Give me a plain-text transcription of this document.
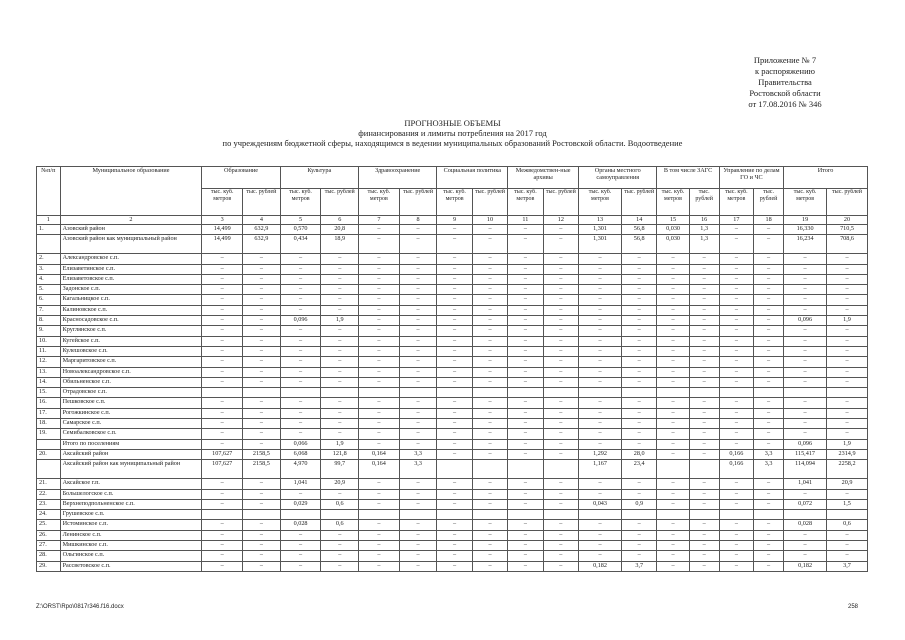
Приложение № 7
к распоряжению
Правительства
Ростовской области
от 17.08.2016 № 346
ПРОГНОЗНЫЕ ОБЪЕМЫ
финансирования и лимиты потребления на 2017 год
по учреждениям бюджетной сферы, находящимся в ведении муниципальных образований Ростовской области. Водоотведение
№п/п	Муниципальное образование	Образование		Культура		Здравоохранение		Социальная политика		Межведомствен-ные архивы		Органы местного самоуправления		В том числе ЗАГС		Управление по делам ГО и ЧС		Итого	
		тыс. куб. метров	тыс. рублей	тыс. куб. метров	тыс. рублей	тыс. куб. метров	тыс. рублей	тыс. куб. метров	тыс. рублей	тыс. куб. метров	тыс. рублей	тыс. куб. метров	тыс. рублей	тыс. куб. метров	тыс. рублей	тыс. куб. метров	тыс. рублей	тыс. куб. метров	тыс. рублей
1	2	3	4	5	6	7	8	9	10	11	12	13	14	15	16	17	18	19	20
1.	Азовский район	14,499	632,9	0,570	20,8	–	–	–	–	–	–	1,301	56,8	0,030	1,3	–	–	16,330	710,5
	Азовский район как муниципальный район	14,499	632,9	0,434	18,9	–	–	–	–	–	–	1,301	56,8	0,030	1,3	–	–	16,234	708,6
2.	Александровское с.п.	–	–	–	–	–	–	–	–	–	–	–	–	–	–	–	–	–	–
3.	Елизаветинское с.п.	–	–	–	–	–	–	–	–	–	–	–	–	–	–	–	–	–	–
4.	Елизаветовское с.п.	–	–	–	–	–	–	–	–	–	–	–	–	–	–	–	–	–	–
5.	Задонское с.п.	–	–	–	–	–	–	–	–	–	–	–	–	–	–	–	–	–	–
6.	Кагальницкое с.п.	–	–	–	–	–	–	–	–	–	–	–	–	–	–	–	–	–	–
7.	Калиновское с.п.	–	–	–	–	–	–	–	–	–	–	–	–	–	–	–	–	–	–
8.	Красносадовское с.п.	–	–	0,096	1,9	–	–	–	–	–	–	–	–	–	–	–	–	0,096	1,9
9.	Круглянское с.п.	–	–	–	–	–	–	–	–	–	–	–	–	–	–	–	–	–	–
10.	Кугейское с.п.	–	–	–	–	–	–	–	–	–	–	–	–	–	–	–	–	–	–
11.	Кулешовское с.п.	–	–	–	–	–	–	–	–	–	–	–	–	–	–	–	–	–	–
12.	Маргаритовское с.п.	–	–	–	–	–	–	–	–	–	–	–	–	–	–	–	–	–	–
13.	Новоалександровское с.п.	–	–	–	–	–	–	–	–	–	–	–	–	–	–	–	–	–	–
14.	Обильненское с.п.	–	–	–	–	–	–	–	–	–	–	–	–	–	–	–	–	–	–
15.	Отрадовское с.п.																		
16.	Пешковское с.п.	–	–	–	–	–	–	–	–	–	–	–	–	–	–	–	–	–	–
17.	Рогожкинское с.п.	–	–	–	–	–	–	–	–	–	–	–	–	–	–	–	–	–	–
18.	Самарское с.п.	–	–	–	–	–	–	–	–	–	–	–	–	–	–	–	–	–	–
19.	Семибалковское с.п.	–	–	–	–	–	–	–	–	–	–	–	–	–	–	–	–	–	–
	Итого по поселениям	–	–	0,066	1,9	–	–	–	–	–	–	–	–	–	–	–	–	0,096	1,9
20.	Аксайский район	107,627	2158,5	6,068	121,8	0,164	3,3	–	–	–	–	1,292	28,0	–	–	0,166	3,3	115,417	2314,9
	Аксайский район как муниципальный район	107,627	2158,5	4,970	99,7	0,164	3,3					1,167	23,4			0,166	3,3	114,094	2258,2
21.	Аксайское г.п.	–	–	1,041	20,9	–	–	–	–	–	–	–	–	–	–	–	–	1,041	20,9
22.	Большелогское с.п.	–	–	–	–	–	–	–	–	–	–	–	–	–	–	–	–	–	–
23.	Верхнеподпольненское с.п.	–	–	0,029	0,6	–	–	–	–	–	–	0,043	0,9	–	–	–	–	0,072	1,5
24.	Грушевское с.п.																		
25.	Истоминское с.п.	–	–	0,028	0,6	–	–	–	–	–	–	–	–	–	–	–	–	0,028	0,6
26.	Ленинское с.п.	–	–	–	–	–	–	–	–	–	–	–	–	–	–	–	–	–	–
27.	Мишкинское с.п.	–	–	–	–	–	–	–	–	–	–	–	–	–	–	–	–	–	–
28.	Ольгинское с.п.	–	–	–	–	–	–	–	–	–	–	–	–	–	–	–	–	–	–
29.	Рассветовское с.п.	–	–	–	–	–	–	–	–	–	–	0,182	3,7	–	–	–	–	0,182	3,7
Z:\ORST\Rpo\0817r346.f16.docx	258
